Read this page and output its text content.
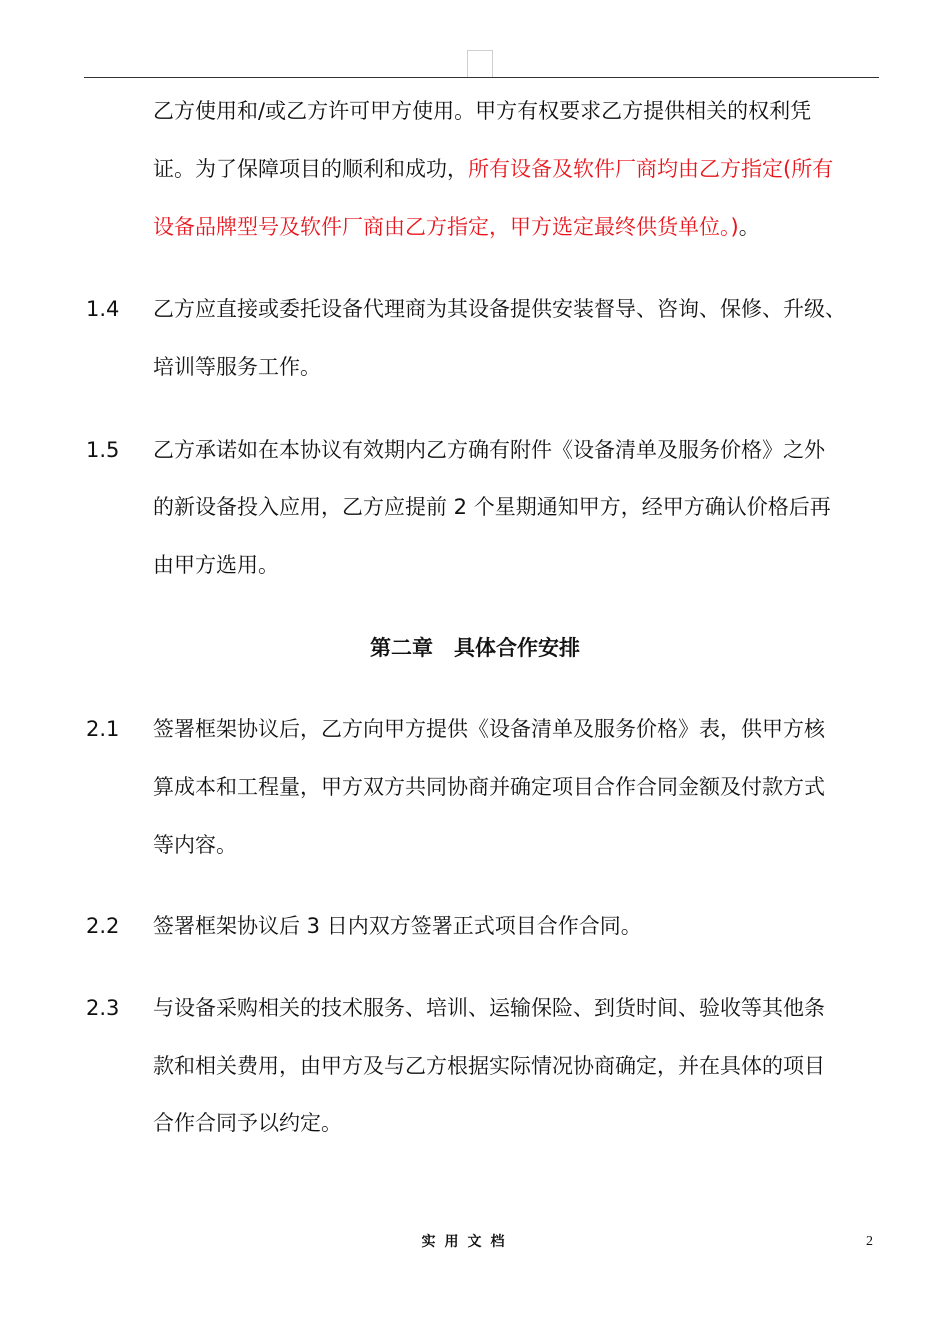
乙方使用和/或乙方许可甲方使用。甲方有权要求乙方提供相关的权利凭
证。为了保障项目的顺利和成功，所有设备及软件厂商均由乙方指定(所有
设备品牌型号及软件厂商由乙方指定，甲方选定最终供货单位。)。
1.4 乙方应直接或委托设备代理商为其设备提供安装督导、咨询、保修、升级、
培训等服务工作。
1.5 乙方承诺如在本协议有效期内乙方确有附件《设备清单及服务价格》之外
的新设备投入应用，乙方应提前 2 个星期通知甲方，经甲方确认价格后再
由甲方选用。
第二章　具体合作安排
2.1 签署框架协议后，乙方向甲方提供《设备清单及服务价格》表，供甲方核
算成本和工程量，甲方双方共同协商并确定项目合作合同金额及付款方式
等内容。
2.2 签署框架协议后 3 日内双方签署正式项目合作合同。
2.3 与设备采购相关的技术服务、培训、运输保险、到货时间、验收等其他条
款和相关费用，由甲方及与乙方根据实际情况协商确定，并在具体的项目
合作合同予以约定。
实用文档	2
